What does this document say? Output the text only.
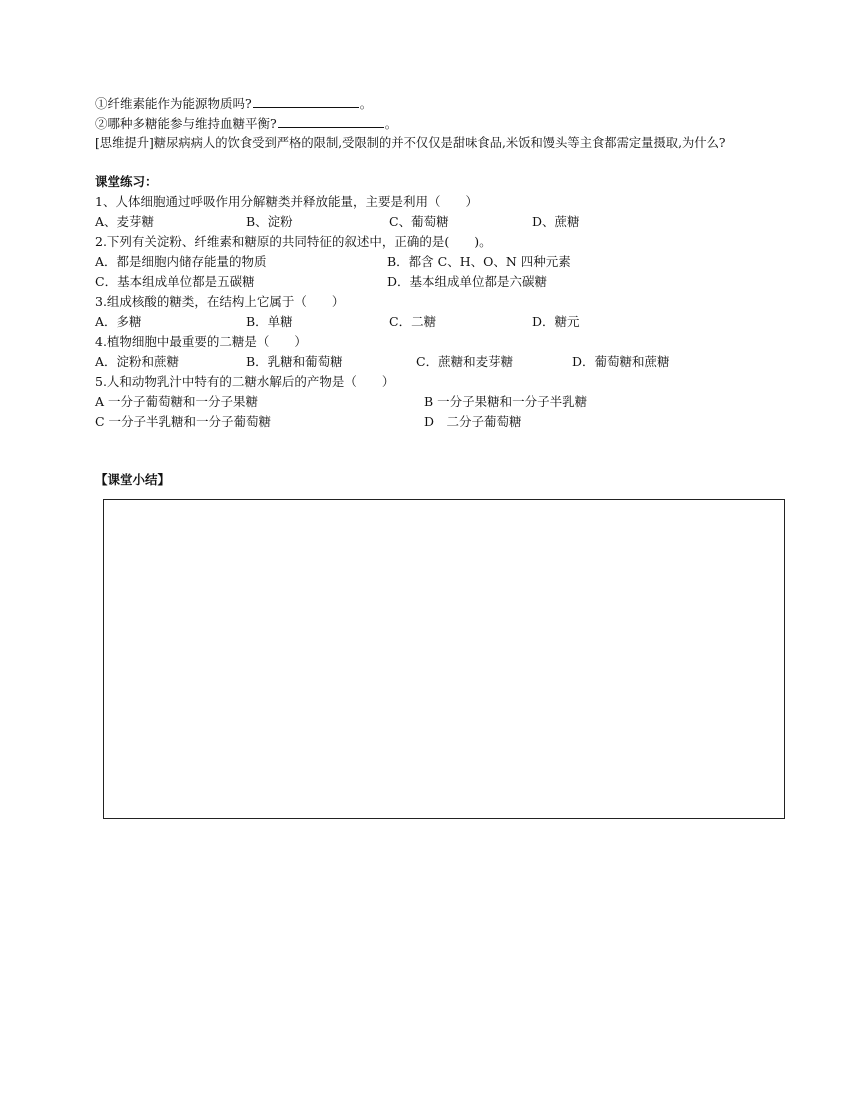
①纤维素能作为能源物质吗?	。
②哪种多糖能参与维持血糖平衡?	。
[思维提升]糖尿病病人的饮食受到严格的限制,受限制的并不仅仅是甜味食品,米饭和馒头等主食都需定量摄取,为什么?
课堂练习：
1、人体细胞通过呼吸作用分解糖类并释放能量，主要是利用（　　）
A、麦芽糖	B、淀粉	C、葡萄糖	D、蔗糖
2.下列有关淀粉、纤维素和糖原的共同特征的叙述中，正确的是(　　)。
A．都是细胞内储存能量的物质	B．都含 C、H、O、N 四种元素
C．基本组成单位都是五碳糖	D．基本组成单位都是六碳糖
3.组成核酸的糖类，在结构上它属于（　　）
A．多糖	B．单糖	C．二糖	D．糖元
4.植物细胞中最重要的二糖是（　　）
A．淀粉和蔗糖	B．乳糖和葡萄糖	C．蔗糖和麦芽糖	D．葡萄糖和蔗糖
5.人和动物乳汁中特有的二糖水解后的产物是（　　）
A 一分子葡萄糖和一分子果糖	B 一分子果糖和一分子半乳糖
C 一分子半乳糖和一分子葡萄糖	D　二分子葡萄糖
【课堂小结】
